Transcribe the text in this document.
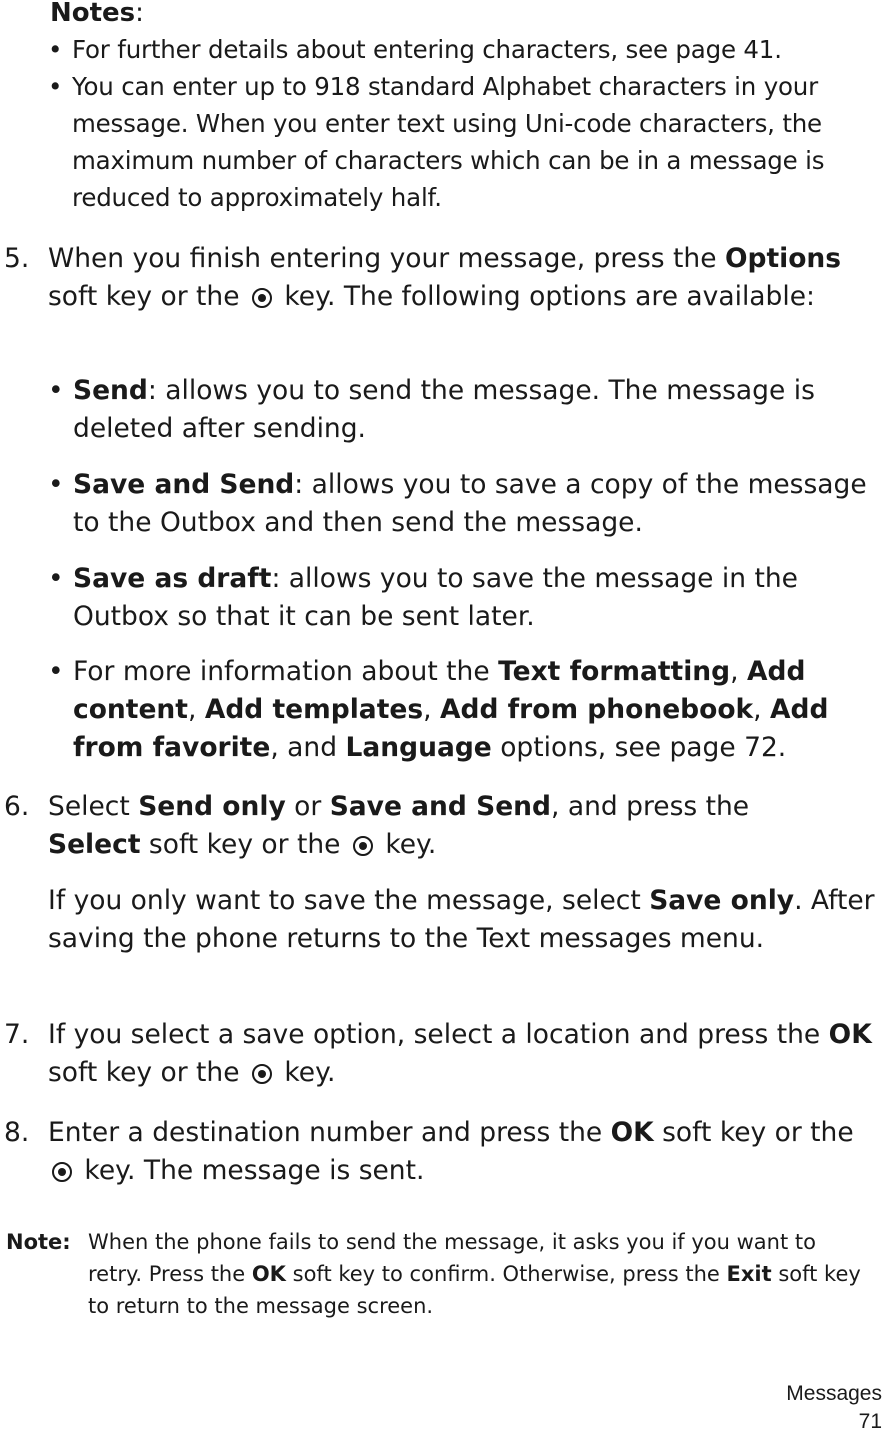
Notes:
• For further details about entering characters, see page 41.
• You can enter up to 918 standard Alphabet characters in your message. When you enter text using Uni-code characters, the maximum number of characters which can be in a message is reduced to approximately half.
5. When you finish entering your message, press the Options soft key or the  key. The following options are available:
• Send: allows you to send the message. The message is deleted after sending.
• Save and Send: allows you to save a copy of the message to the Outbox and then send the message.
• Save as draft: allows you to save the message in the Outbox so that it can be sent later.
• For more information about the Text formatting, Add content, Add templates, Add from phonebook, Add from favorite, and Language options, see page 72.
6. Select Send only or Save and Send, and press the Select soft key or the  key.
If you only want to save the message, select Save only. After saving the phone returns to the Text messages menu.
7. If you select a save option, select a location and press the OK soft key or the  key.
8. Enter a destination number and press the OK soft key or the  key. The message is sent.
Note: When the phone fails to send the message, it asks you if you want to retry. Press the OK soft key to confirm. Otherwise, press the Exit soft key to return to the message screen.
Messages
71
